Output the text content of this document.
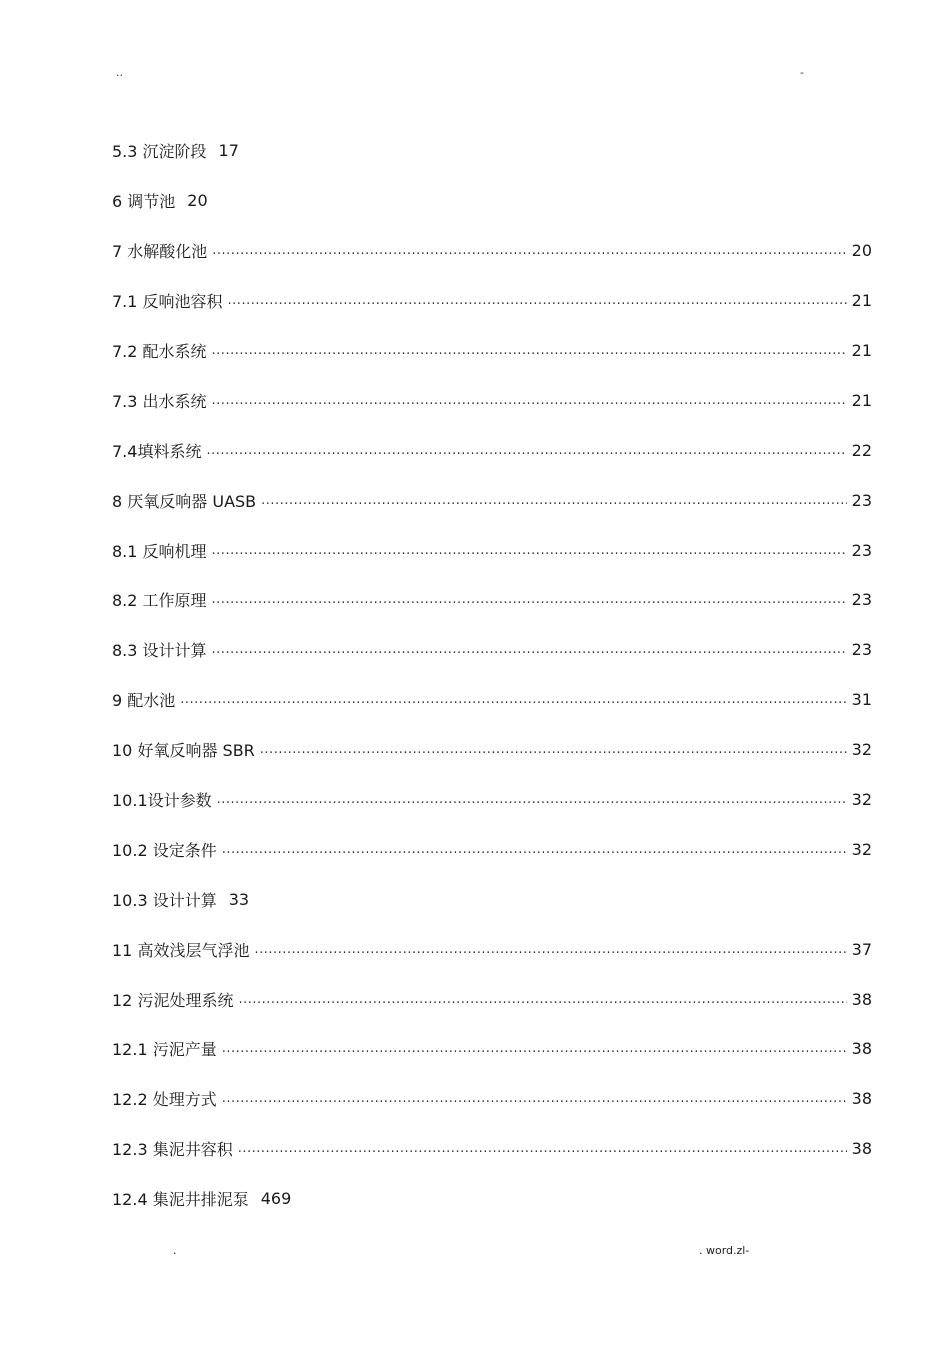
..	-
5.3 沉淀阶段 17
6 调节池 20
7 水解酸化池 .....	20
7.1 反响池容积 .....	21
7.2 配水系统 .....	21
7.3 出水系统 .....	21
7.4填料系统 .....	22
8 厌氧反响器 UASB .....	23
8.1 反响机理 .....	23
8.2 工作原理 .....	23
8.3 设计计算 .....	23
9 配水池 .....	31
10 好氧反响器 SBR .....	32
10.1设计参数 .....	32
10.2 设定条件 .....	32
10.3 设计计算 33
11 高效浅层气浮池 .....	37
12 污泥处理系统 .....	38
12.1 污泥产量 .....	38
12.2 处理方式 .....	38
12.3 集泥井容积 .....	38
12.4 集泥井排泥泵 469
.	. word.zl-
